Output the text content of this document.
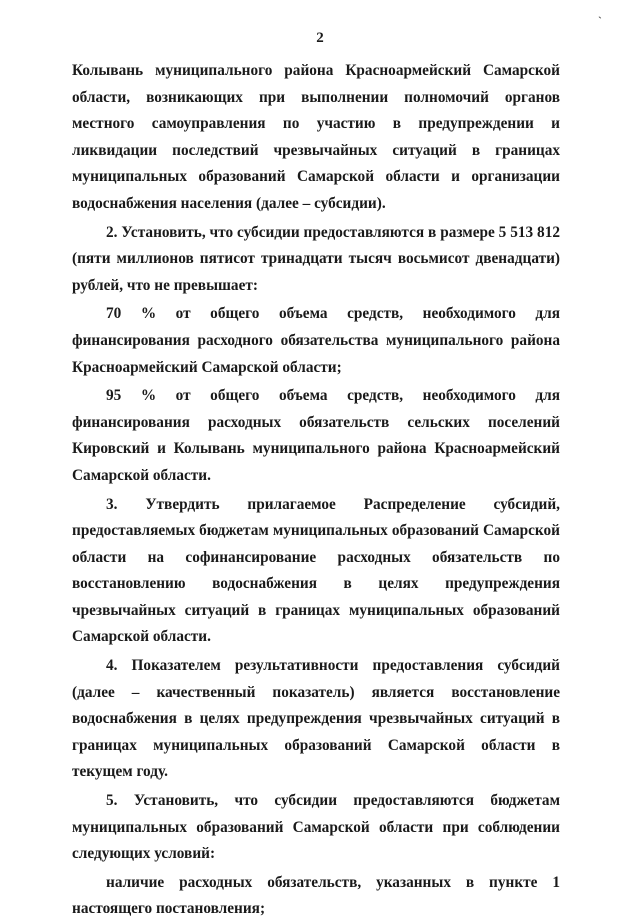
`
2

Колывань муниципального района Красноармейский Самарской области, возникающих при выполнении полномочий органов местного самоуправления по участию в предупреждении и ликвидации последствий чрезвычайных ситуаций в границах муниципальных образований Самарской области и организации водоснабжения населения (далее – субсидии).

2. Установить, что субсидии предоставляются в размере 5 513 812 (пяти миллионов пятисот тринадцати тысяч восьмисот двенадцати) рублей, что не превышает:

70 % от общего объема средств, необходимого для финансирования расходного обязательства муниципального района Красноармейский Самарской области;

95 % от общего объема средств, необходимого для финансирования расходных обязательств сельских поселений Кировский и Колывань муниципального района Красноармейский Самарской области.

3. Утвердить прилагаемое Распределение субсидий, предоставляемых бюджетам муниципальных образований Самарской области на софинансирование расходных обязательств по восстановлению водоснабжения в целях предупреждения чрезвычайных ситуаций в границах муниципальных образований Самарской области.

4. Показателем результативности предоставления субсидий (далее – качественный показатель) является восстановление водоснабжения в целях предупреждения чрезвычайных ситуаций в границах муниципальных образований Самарской области в текущем году.

5. Установить, что субсидии предоставляются бюджетам муниципальных образований Самарской области при соблюдении следующих условий:

наличие расходных обязательств, указанных в пункте 1 настоящего постановления;
